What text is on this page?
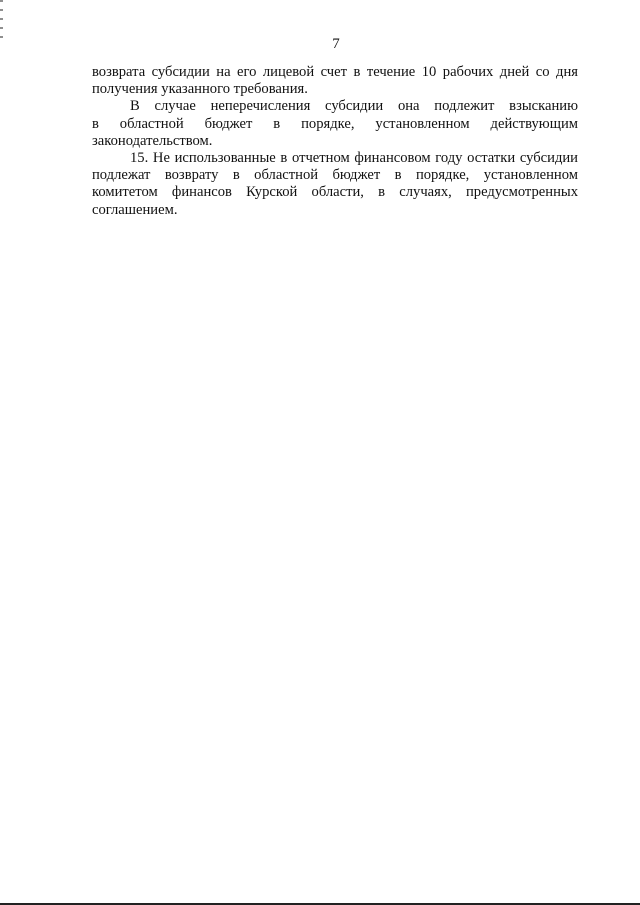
7

возврата субсидии на его лицевой счет в течение 10 рабочих дней со дня
получения указанного требования.

В случае неперечисления субсидии она подлежит взысканию
в областной бюджет в порядке, установленном действующим
законодательством.

15. Не использованные в отчетном финансовом году остатки субсидии
подлежат возврату в областной бюджет в порядке, установленном
комитетом финансов Курской области, в случаях, предусмотренных
соглашением.
